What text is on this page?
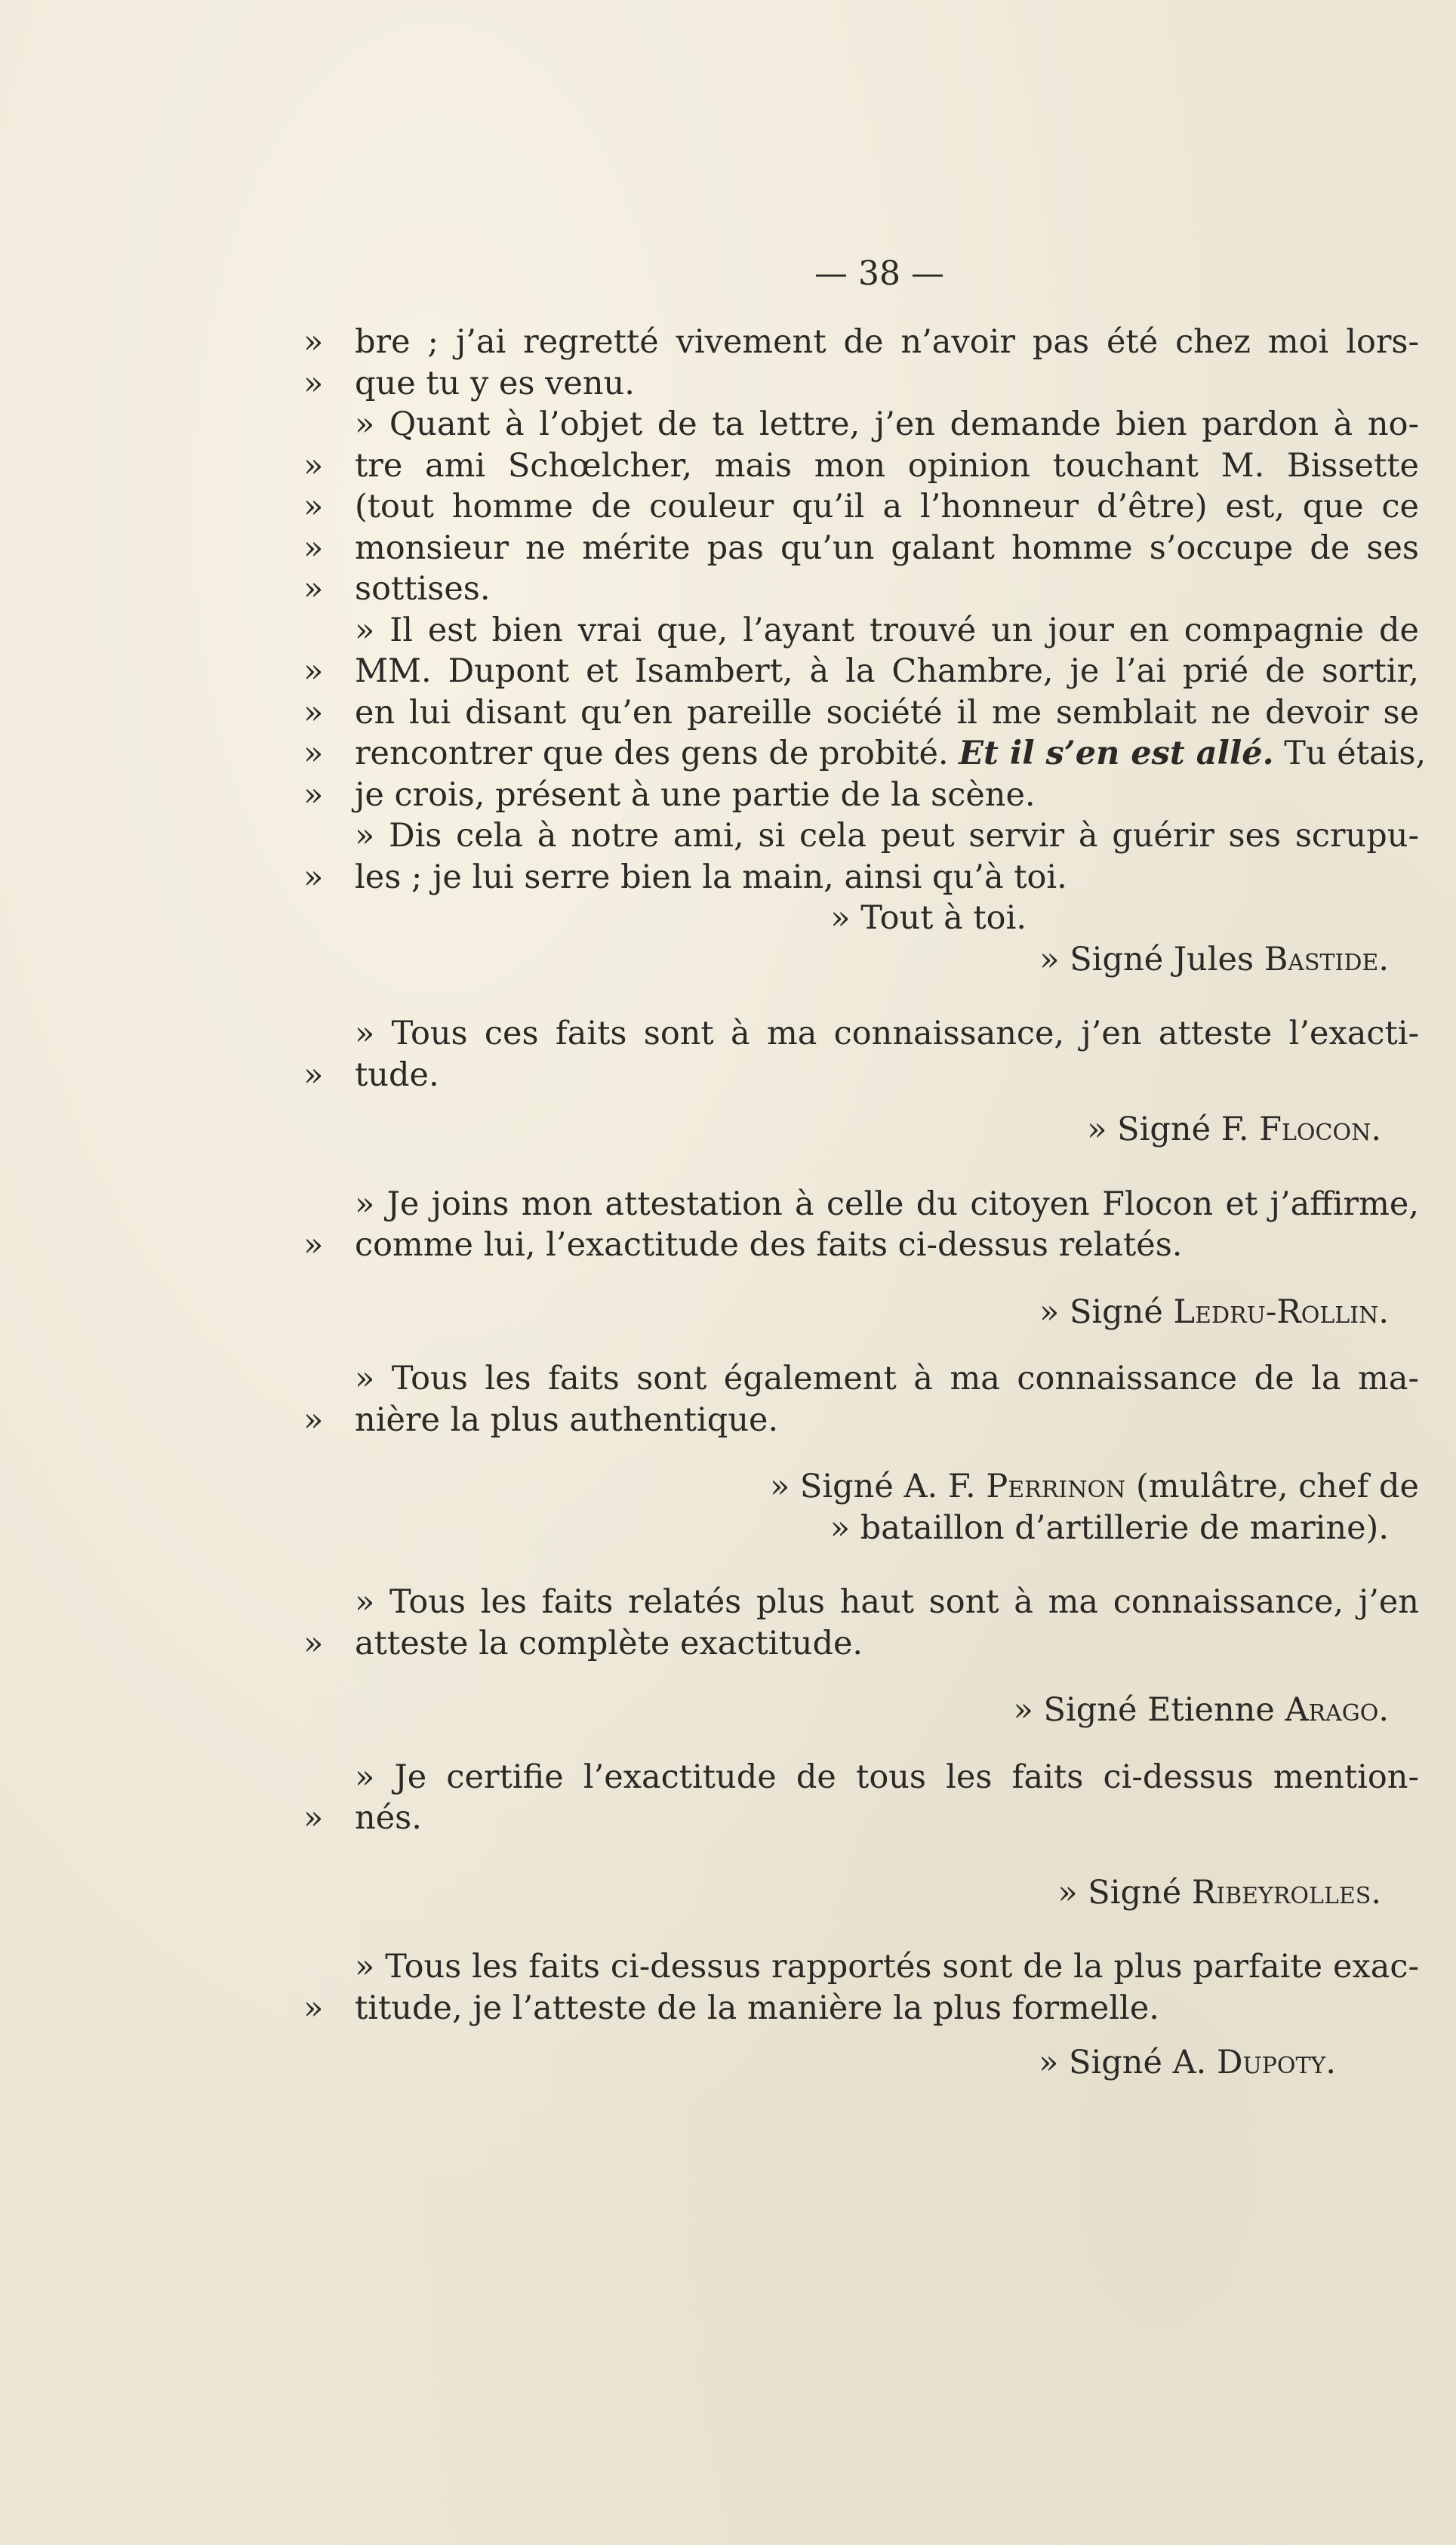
— 38 —
» bre ; j’ai regretté vivement de n’avoir pas été chez moi lors-
» que tu y es venu.
» Quant à l’objet de ta lettre, j’en demande bien pardon à no-
» tre ami Schœlcher, mais mon opinion touchant M. Bissette
» (tout homme de couleur qu’il a l’honneur d’être) est, que ce
» monsieur ne mérite pas qu’un galant homme s’occupe de ses
» sottises.
» Il est bien vrai que, l’ayant trouvé un jour en compagnie de
» MM. Dupont et Isambert, à la Chambre, je l’ai prié de sortir,
» en lui disant qu’en pareille société il me semblait ne devoir se
» rencontrer que des gens de probité. Et il s’en est allé. Tu étais,
» je crois, présent à une partie de la scène.
» Dis cela à notre ami, si cela peut servir à guérir ses scrupu-
» les ; je lui serre bien la main, ainsi qu’à toi.
» Tout à toi.
» Signé Jules Bastide.
» Tous ces faits sont à ma connaissance, j’en atteste l’exacti-
» tude.
» Signé F. Flocon.
» Je joins mon attestation à celle du citoyen Flocon et j’affirme,
» comme lui, l’exactitude des faits ci-dessus relatés.
» Signé Ledru-Rollin.
» Tous les faits sont également à ma connaissance de la ma-
» nière la plus authentique.
» Signé A. F. Perrinon (mulâtre, chef de
» bataillon d’artillerie de marine).
» Tous les faits relatés plus haut sont à ma connaissance, j’en
» atteste la complète exactitude.
» Signé Etienne Arago.
» Je certifie l’exactitude de tous les faits ci-dessus mention-
» nés.
» Signé Ribeyrolles.
» Tous les faits ci-dessus rapportés sont de la plus parfaite exac-
» titude, je l’atteste de la manière la plus formelle.
» Signé A. Dupoty.
